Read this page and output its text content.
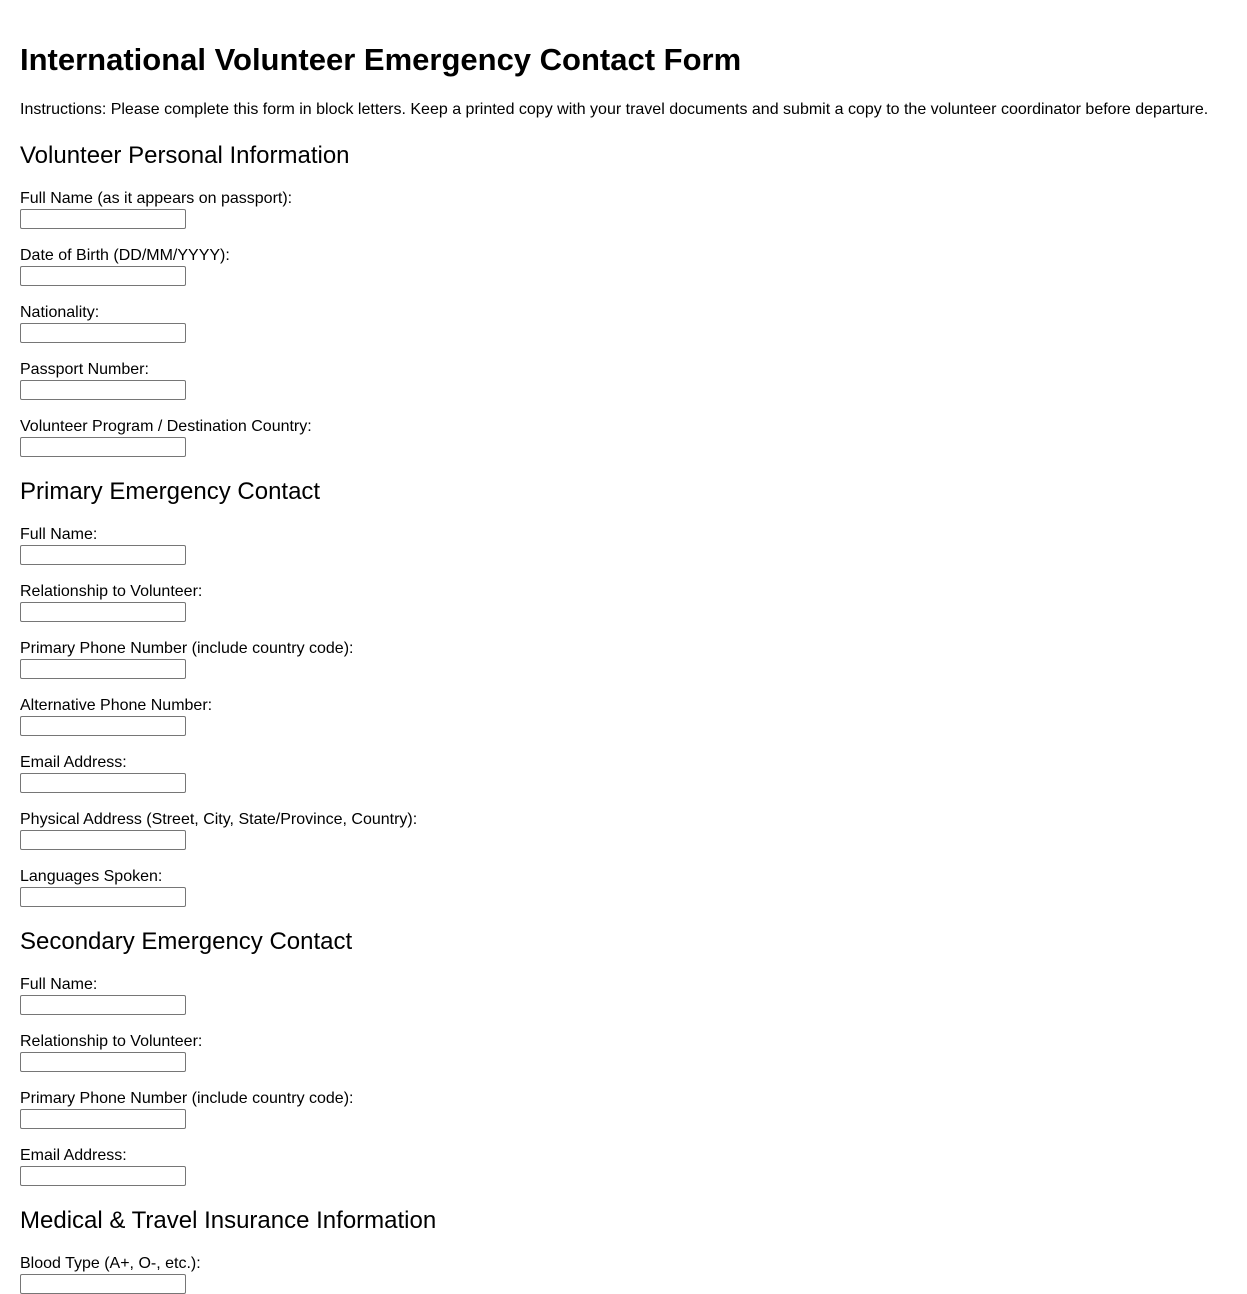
International Volunteer Emergency Contact Form

Instructions: Please complete this form in block letters. Keep a printed copy with your travel documents and submit a copy to the volunteer coordinator before departure.

Volunteer Personal Information
Full Name (as it appears on passport):
Date of Birth (DD/MM/YYYY):
Nationality:
Passport Number:
Volunteer Program / Destination Country:
Primary Emergency Contact
Full Name:
Relationship to Volunteer:
Primary Phone Number (include country code):
Alternative Phone Number:
Email Address:
Physical Address (Street, City, State/Province, Country):
Languages Spoken:
Secondary Emergency Contact
Full Name:
Relationship to Volunteer:
Primary Phone Number (include country code):
Email Address:
Medical & Travel Insurance Information
Blood Type (A+, O-, etc.):
